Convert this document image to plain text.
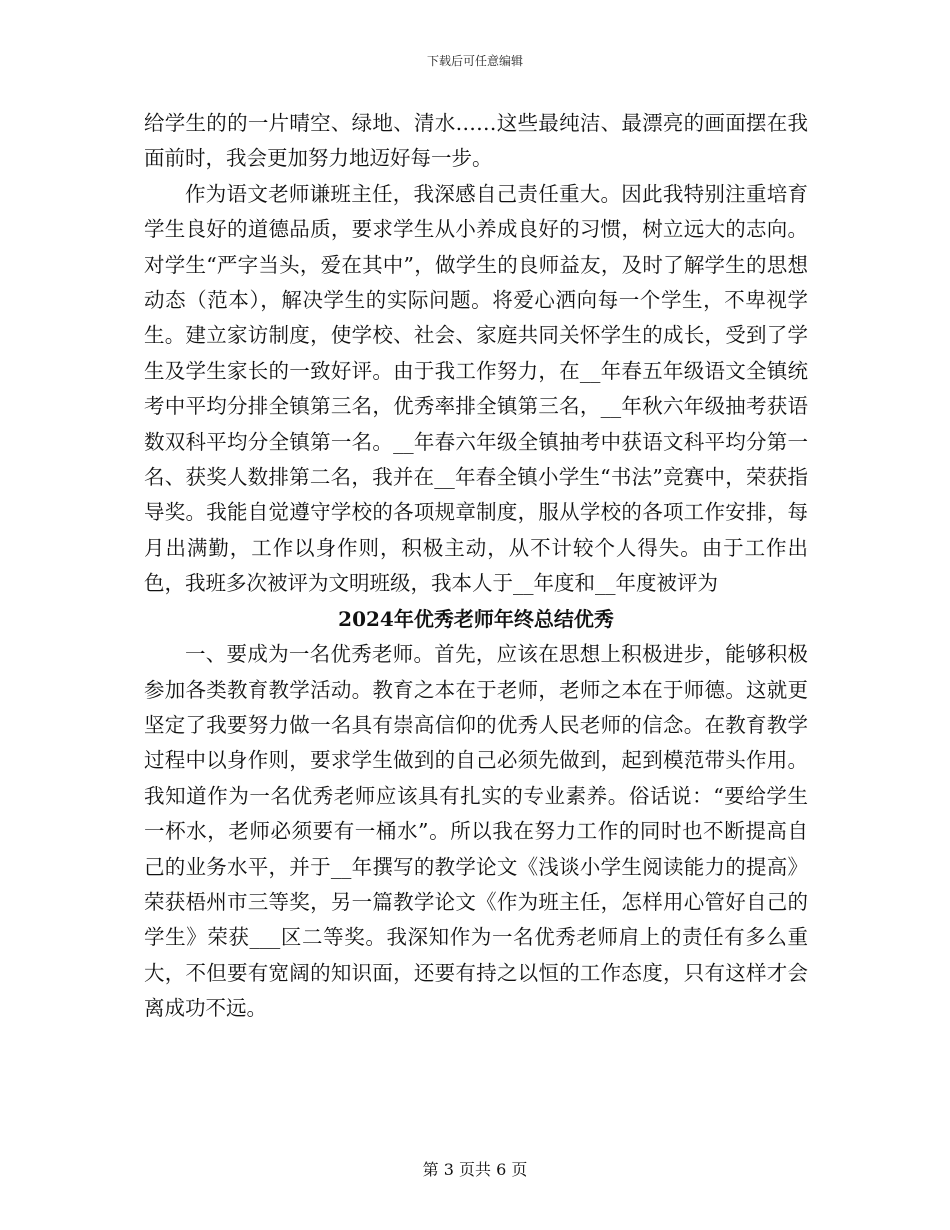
下载后可任意编辑

给学生的的一片晴空、绿地、清水……这些最纯洁、最漂亮的画面摆在我面前时，我会更加努力地迈好每一步。

作为语文老师谦班主任，我深感自己责任重大。因此我特别注重培育学生良好的道德品质，要求学生从小养成良好的习惯，树立远大的志向。对学生“严字当头，爱在其中”，做学生的良师益友，及时了解学生的思想动态（范本），解决学生的实际问题。将爱心洒向每一个学生，不卑视学生。建立家访制度，使学校、社会、家庭共同关怀学生的成长，受到了学生及学生家长的一致好评。由于我工作努力，在__年春五年级语文全镇统考中平均分排全镇第三名，优秀率排全镇第三名，__年秋六年级抽考获语数双科平均分全镇第一名。__年春六年级全镇抽考中获语文科平均分第一名、获奖人数排第二名，我并在__年春全镇小学生“书法”竞赛中，荣获指导奖。我能自觉遵守学校的各项规章制度，服从学校的各项工作安排，每月出满勤，工作以身作则，积极主动，从不计较个人得失。由于工作出色，我班多次被评为文明班级，我本人于__年度和__年度被评为

2024年优秀老师年终总结优秀

一、要成为一名优秀老师。首先，应该在思想上积极进步，能够积极参加各类教育教学活动。教育之本在于老师，老师之本在于师德。这就更坚定了我要努力做一名具有崇高信仰的优秀人民老师的信念。在教育教学过程中以身作则，要求学生做到的自己必须先做到，起到模范带头作用。我知道作为一名优秀老师应该具有扎实的专业素养。俗话说：“要给学生一杯水，老师必须要有一桶水”。所以我在努力工作的同时也不断提高自己的业务水平，并于__年撰写的教学论文《浅谈小学生阅读能力的提高》荣获梧州市三等奖，另一篇教学论文《作为班主任，怎样用心管好自己的学生》荣获___区二等奖。我深知作为一名优秀老师肩上的责任有多么重大，不但要有宽阔的知识面，还要有持之以恒的工作态度，只有这样才会离成功不远。

第 3 页共 6 页
